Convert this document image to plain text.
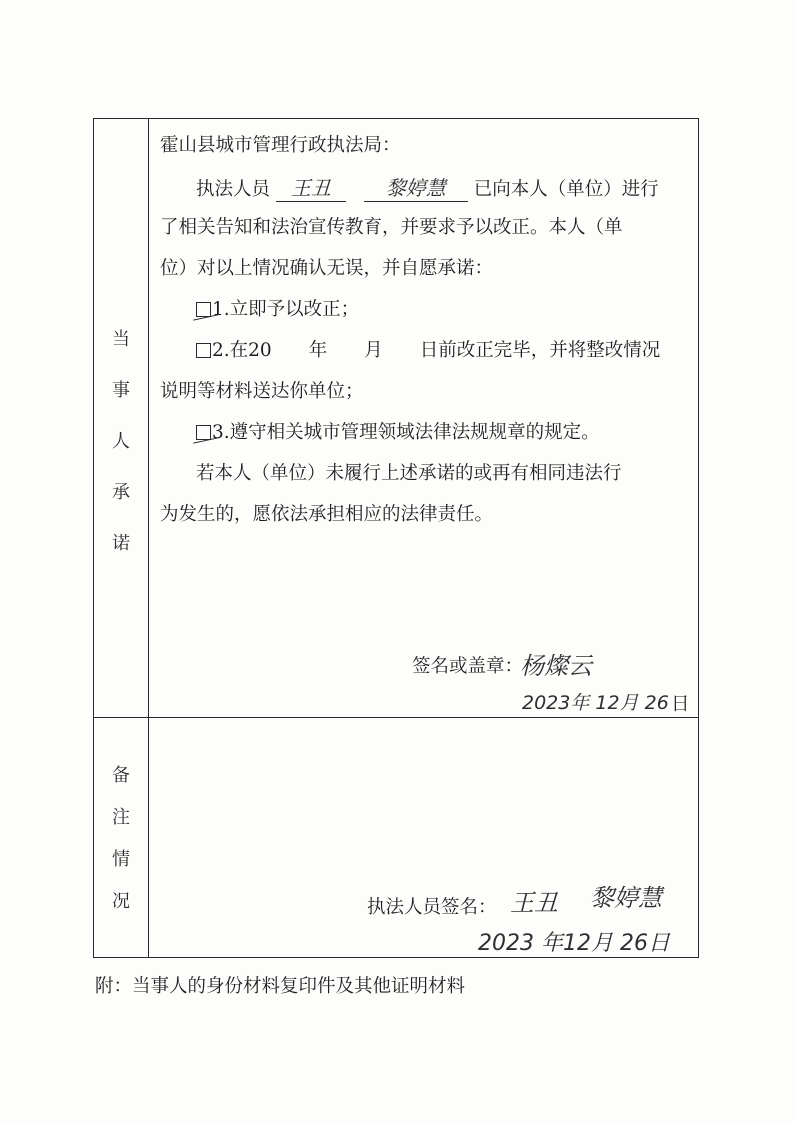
当
事
人
承
诺
备
注
情
况
霍山县城市管理行政执法局：
执法人员 王丑	黎婷慧 已向本人（单位）进行
了相关告知和法治宣传教育，并要求予以改正。本人（单
位）对以上情况确认无误，并自愿承诺：
1.立即予以改正；
2.在20　　年　　月　　日前改正完毕，并将整改情况
说明等材料送达你单位；
3.遵守相关城市管理领域法律法规规章的规定。
若本人（单位）未履行上述承诺的或再有相同违法行
为发生的，愿依法承担相应的法律责任。
签名或盖章：
杨燦云
2023年 12月 26 日
执法人员签名： 王丑 黎婷慧
2023 年12月 26日
附：当事人的身份材料复印件及其他证明材料
